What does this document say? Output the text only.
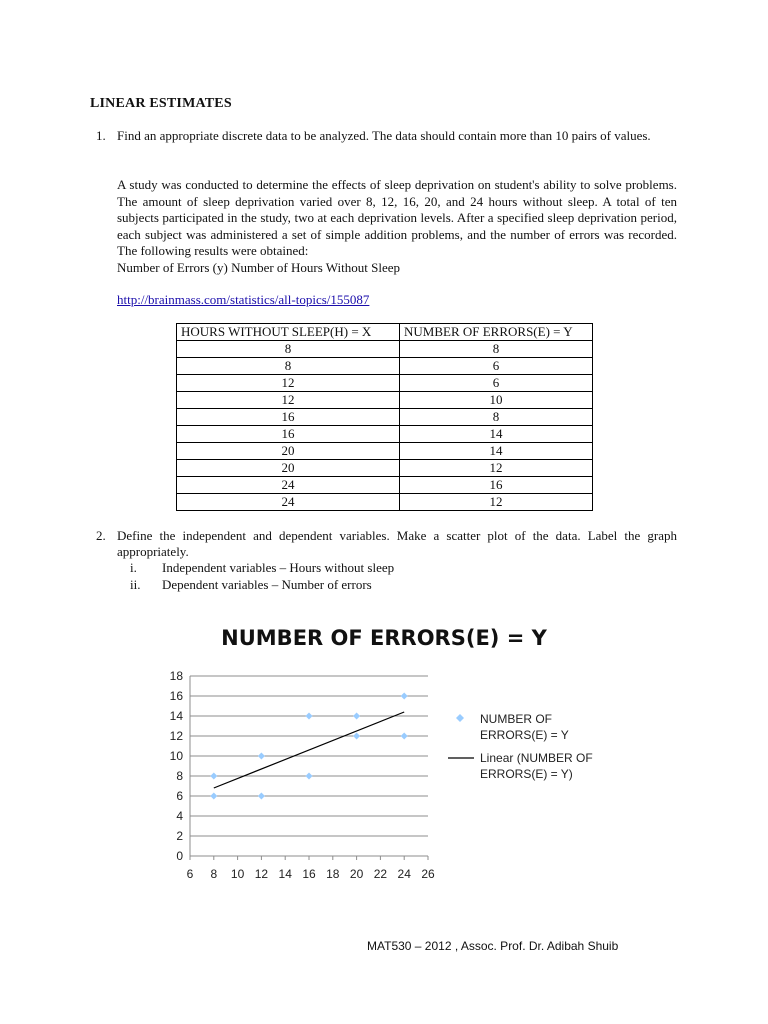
LINEAR ESTIMATES
1. Find an appropriate discrete data to be analyzed. The data should contain more than 10 pairs of values.
A study was conducted to determine the effects of sleep deprivation on student's ability to solve problems. The amount of sleep deprivation varied over 8, 12, 16, 20, and 24 hours without sleep. A total of ten subjects participated in the study, two at each deprivation levels. After a specified sleep deprivation period, each subject was administered a set of simple addition problems, and the number of errors was recorded. The following results were obtained:
Number of Errors (y) Number of Hours Without Sleep
http://brainmass.com/statistics/all-topics/155087
HOURS WITHOUT SLEEP(H) = X	NUMBER OF ERRORS(E) = Y
8	8
8	6
12	6
12	10
16	8
16	14
20	14
20	12
24	16
24	12
2. Define the independent and dependent variables. Make a scatter plot of the data. Label the graph appropriately.
i. Independent variables – Hours without sleep
ii. Dependent variables – Number of errors
NUMBER OF ERRORS(E) = Y
0
2
4
6
8
10
12
14
16
18
6 8 10 12 14 16 18 20 22 24 26
NUMBER OF
ERRORS(E) = Y
Linear (NUMBER OF
ERRORS(E) = Y)
MAT530 – 2012 , Assoc. Prof. Dr. Adibah Shuib
